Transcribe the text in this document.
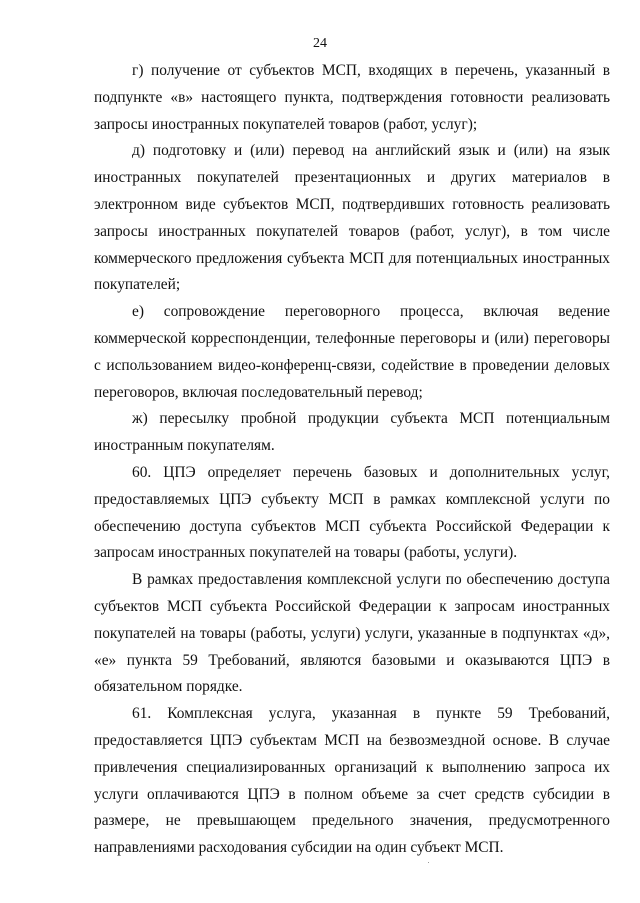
24

г) получение от субъектов МСП, входящих в перечень, указанный в подпункте «в» настоящего пункта, подтверждения готовности реализовать запросы иностранных покупателей товаров (работ, услуг);

д) подготовку и (или) перевод на английский язык и (или) на язык иностранных покупателей презентационных и других материалов в электронном виде субъектов МСП, подтвердивших готовность реализовать запросы иностранных покупателей товаров (работ, услуг), в том числе коммерческого предложения субъекта МСП для потенциальных иностранных покупателей;

е) сопровождение переговорного процесса, включая ведение коммерческой корреспонденции, телефонные переговоры и (или) переговоры с использованием видео-конференц-связи, содействие в проведении деловых переговоров, включая последовательный перевод;

ж) пересылку пробной продукции субъекта МСП потенциальным иностранным покупателям.

60. ЦПЭ определяет перечень базовых и дополнительных услуг, предоставляемых ЦПЭ субъекту МСП в рамках комплексной услуги по обеспечению доступа субъектов МСП субъекта Российской Федерации к запросам иностранных покупателей на товары (работы, услуги).

В рамках предоставления комплексной услуги по обеспечению доступа субъектов МСП субъекта Российской Федерации к запросам иностранных покупателей на товары (работы, услуги) услуги, указанные в подпунктах «д», «е» пункта 59 Требований, являются базовыми и оказываются ЦПЭ в обязательном порядке.

61. Комплексная услуга, указанная в пункте 59 Требований, предоставляется ЦПЭ субъектам МСП на безвозмездной основе. В случае привлечения специализированных организаций к выполнению запроса их услуги оплачиваются ЦПЭ в полном объеме за счет средств субсидии в размере, не превышающем предельного значения, предусмотренного направлениями расходования субсидии на один субъект МСП.
